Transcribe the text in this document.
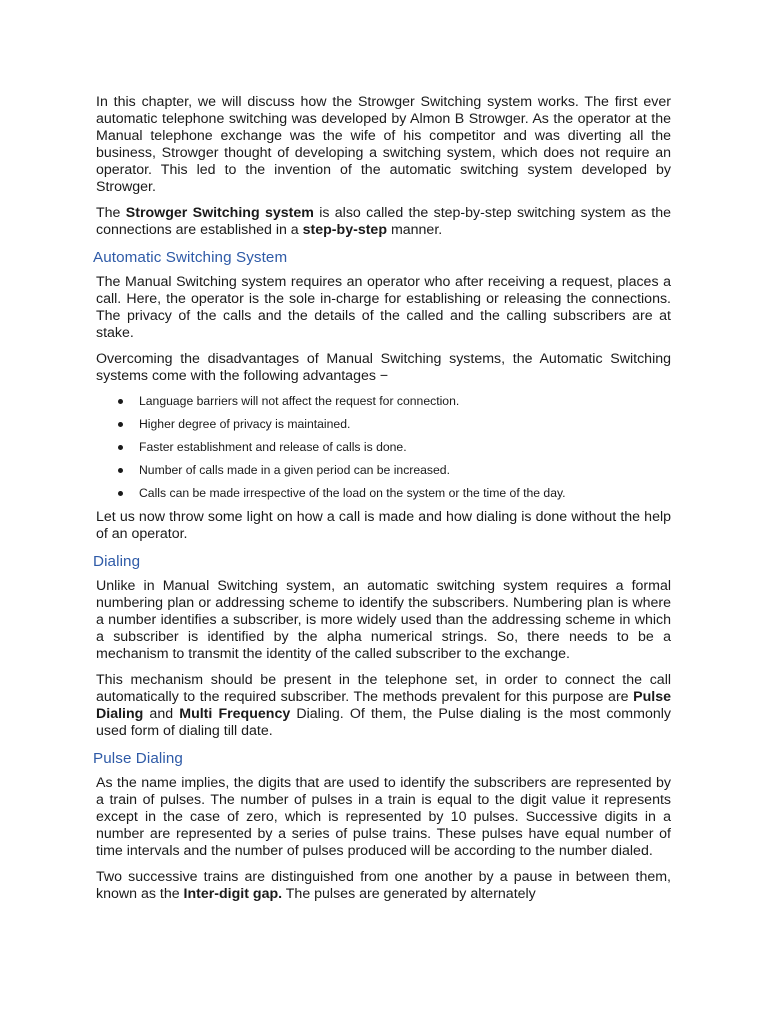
In this chapter, we will discuss how the Strowger Switching system works. The first ever automatic telephone switching was developed by Almon B Strowger. As the operator at the Manual telephone exchange was the wife of his competitor and was diverting all the business, Strowger thought of developing a switching system, which does not require an operator. This led to the invention of the automatic switching system developed by Strowger.

The Strowger Switching system is also called the step-by-step switching system as the connections are established in a step-by-step manner.

Automatic Switching System

The Manual Switching system requires an operator who after receiving a request, places a call. Here, the operator is the sole in-charge for establishing or releasing the connections. The privacy of the calls and the details of the called and the calling subscribers are at stake.

Overcoming the disadvantages of Manual Switching systems, the Automatic Switching systems come with the following advantages −

Language barriers will not affect the request for connection.
Higher degree of privacy is maintained.
Faster establishment and release of calls is done.
Number of calls made in a given period can be increased.
Calls can be made irrespective of the load on the system or the time of the day.

Let us now throw some light on how a call is made and how dialing is done without the help of an operator.

Dialing

Unlike in Manual Switching system, an automatic switching system requires a formal numbering plan or addressing scheme to identify the subscribers. Numbering plan is where a number identifies a subscriber, is more widely used than the addressing scheme in which a subscriber is identified by the alpha numerical strings. So, there needs to be a mechanism to transmit the identity of the called subscriber to the exchange.

This mechanism should be present in the telephone set, in order to connect the call automatically to the required subscriber. The methods prevalent for this purpose are Pulse Dialing and Multi Frequency Dialing. Of them, the Pulse dialing is the most commonly used form of dialing till date.

Pulse Dialing

As the name implies, the digits that are used to identify the subscribers are represented by a train of pulses. The number of pulses in a train is equal to the digit value it represents except in the case of zero, which is represented by 10 pulses. Successive digits in a number are represented by a series of pulse trains. These pulses have equal number of time intervals and the number of pulses produced will be according to the number dialed.

Two successive trains are distinguished from one another by a pause in between them, known as the Inter-digit gap. The pulses are generated by alternately
